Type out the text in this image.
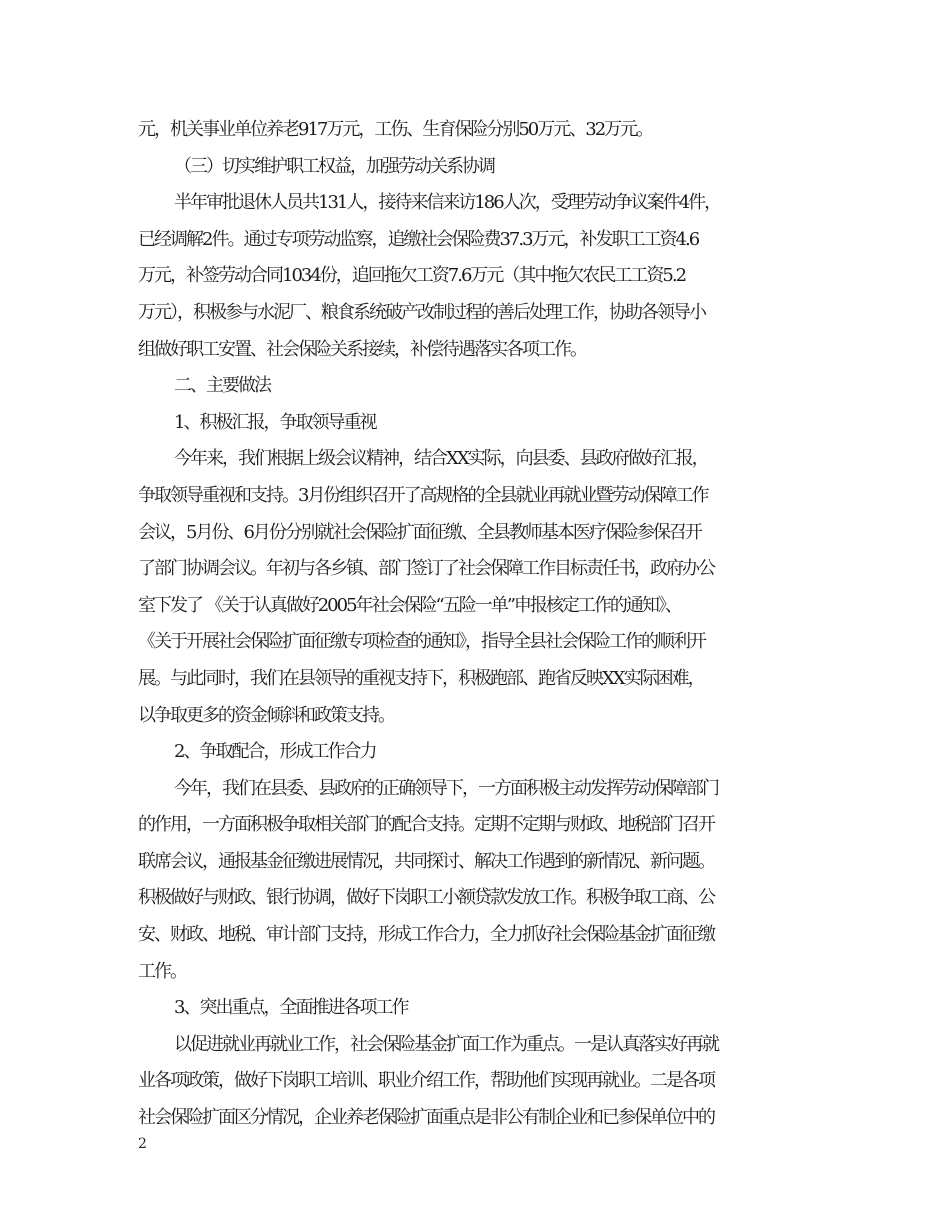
元，机关事业单位养老917万元，工伤、生育保险分别50万元、32万元。
（三）切实维护职工权益，加强劳动关系协调
半年审批退休人员共131人，接待来信来访186人次，受理劳动争议案件4件，
已经调解2件。通过专项劳动监察，追缴社会保险费37.3万元，补发职工工资4.6
万元，补签劳动合同1034份，追回拖欠工资7.6万元（其中拖欠农民工工资5.2
万元），积极参与水泥厂、粮食系统破产改制过程的善后处理工作，协助各领导小
组做好职工安置、社会保险关系接续，补偿待遇落实各项工作。
二、主要做法
1、积极汇报，争取领导重视
今年来，我们根据上级会议精神，结合XX实际，向县委、县政府做好汇报，
争取领导重视和支持。3月份组织召开了高规格的全县就业再就业暨劳动保障工作
会议，5月份、6月份分别就社会保险扩面征缴、全县教师基本医疗保险参保召开
了部门协调会议。年初与各乡镇、部门签订了社会保障工作目标责任书，政府办公
室下发了 《关于认真做好2005年社会保险“五险一单”申报核定工作的通知》、
《关于开展社会保险扩面征缴专项检查的通知》，指导全县社会保险工作的顺利开
展。与此同时，我们在县领导的重视支持下，积极跑部、跑省反映XX实际困难，
以争取更多的资金倾斜和政策支持。
2、争取配合，形成工作合力
今年，我们在县委、县政府的正确领导下，一方面积极主动发挥劳动保障部门
的作用，一方面积极争取相关部门的配合支持。定期不定期与财政、地税部门召开
联席会议，通报基金征缴进展情况，共同探讨、解决工作遇到的新情况、新问题。
积极做好与财政、银行协调，做好下岗职工小额贷款发放工作。积极争取工商、公
安、财政、地税、审计部门支持，形成工作合力，全力抓好社会保险基金扩面征缴
工作。
3、突出重点，全面推进各项工作
以促进就业再就业工作，社会保险基金扩面工作为重点。一是认真落实好再就
业各项政策，做好下岗职工培训、职业介绍工作，帮助他们实现再就业。二是各项
社会保险扩面区分情况，企业养老保险扩面重点是非公有制企业和已参保单位中的
2
